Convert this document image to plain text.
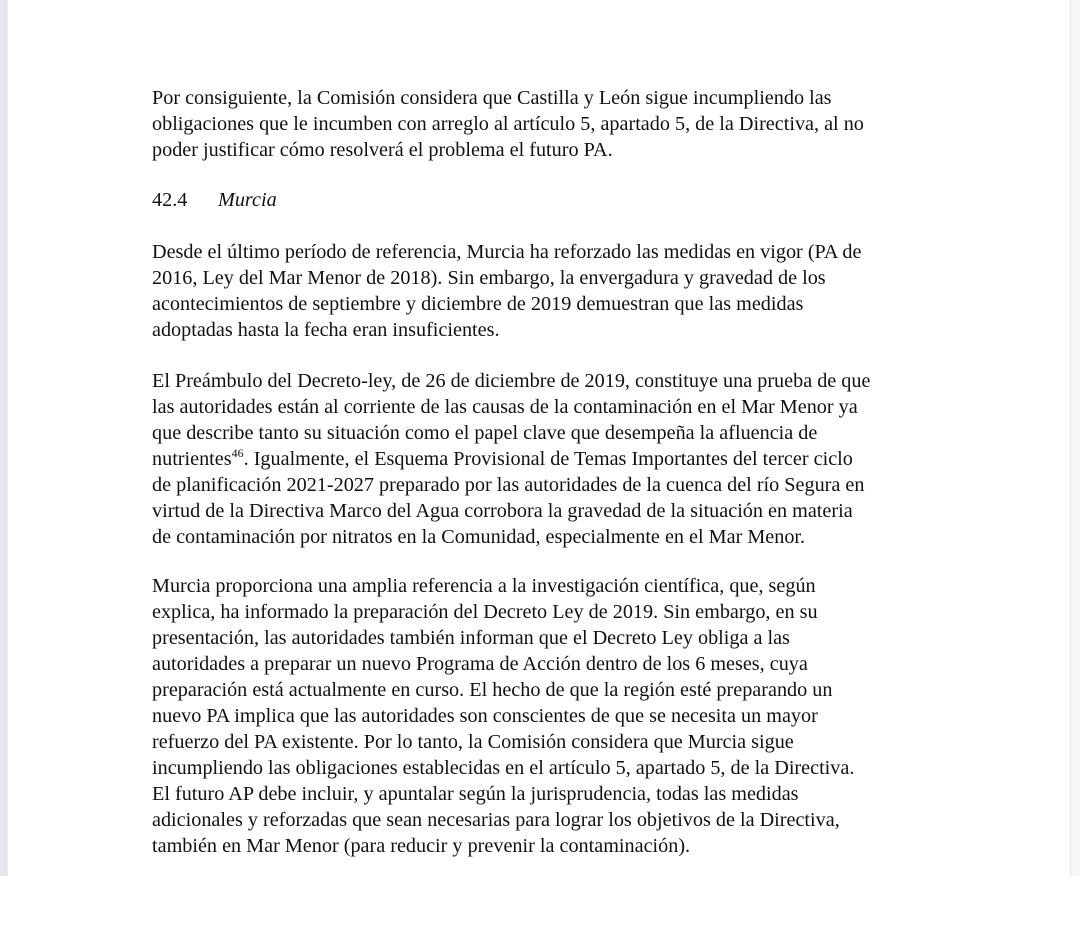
Por consiguiente, la Comisión considera que Castilla y León sigue incumpliendo las
obligaciones que le incumben con arreglo al artículo 5, apartado 5, de la Directiva, al no
poder justificar cómo resolverá el problema el futuro PA.

42.4 Murcia

Desde el último período de referencia, Murcia ha reforzado las medidas en vigor (PA de
2016, Ley del Mar Menor de 2018). Sin embargo, la envergadura y gravedad de los
acontecimientos de septiembre y diciembre de 2019 demuestran que las medidas
adoptadas hasta la fecha eran insuficientes.

El Preámbulo del Decreto-ley, de 26 de diciembre de 2019, constituye una prueba de que
las autoridades están al corriente de las causas de la contaminación en el Mar Menor ya
que describe tanto su situación como el papel clave que desempeña la afluencia de
nutrientes$^{46}$. Igualmente, el Esquema Provisional de Temas Importantes del tercer ciclo
de planificación 2021-2027 preparado por las autoridades de la cuenca del río Segura en
virtud de la Directiva Marco del Agua corrobora la gravedad de la situación en materia
de contaminación por nitratos en la Comunidad, especialmente en el Mar Menor.

Murcia proporciona una amplia referencia a la investigación científica, que, según
explica, ha informado la preparación del Decreto Ley de 2019. Sin embargo, en su
presentación, las autoridades también informan que el Decreto Ley obliga a las
autoridades a preparar un nuevo Programa de Acción dentro de los 6 meses, cuya
preparación está actualmente en curso. El hecho de que la región esté preparando un
nuevo PA implica que las autoridades son conscientes de que se necesita un mayor
refuerzo del PA existente. Por lo tanto, la Comisión considera que Murcia sigue
incumpliendo las obligaciones establecidas en el artículo 5, apartado 5, de la Directiva.
El futuro AP debe incluir, y apuntalar según la jurisprudencia, todas las medidas
adicionales y reforzadas que sean necesarias para lograr los objetivos de la Directiva,
también en Mar Menor (para reducir y prevenir la contaminación).
